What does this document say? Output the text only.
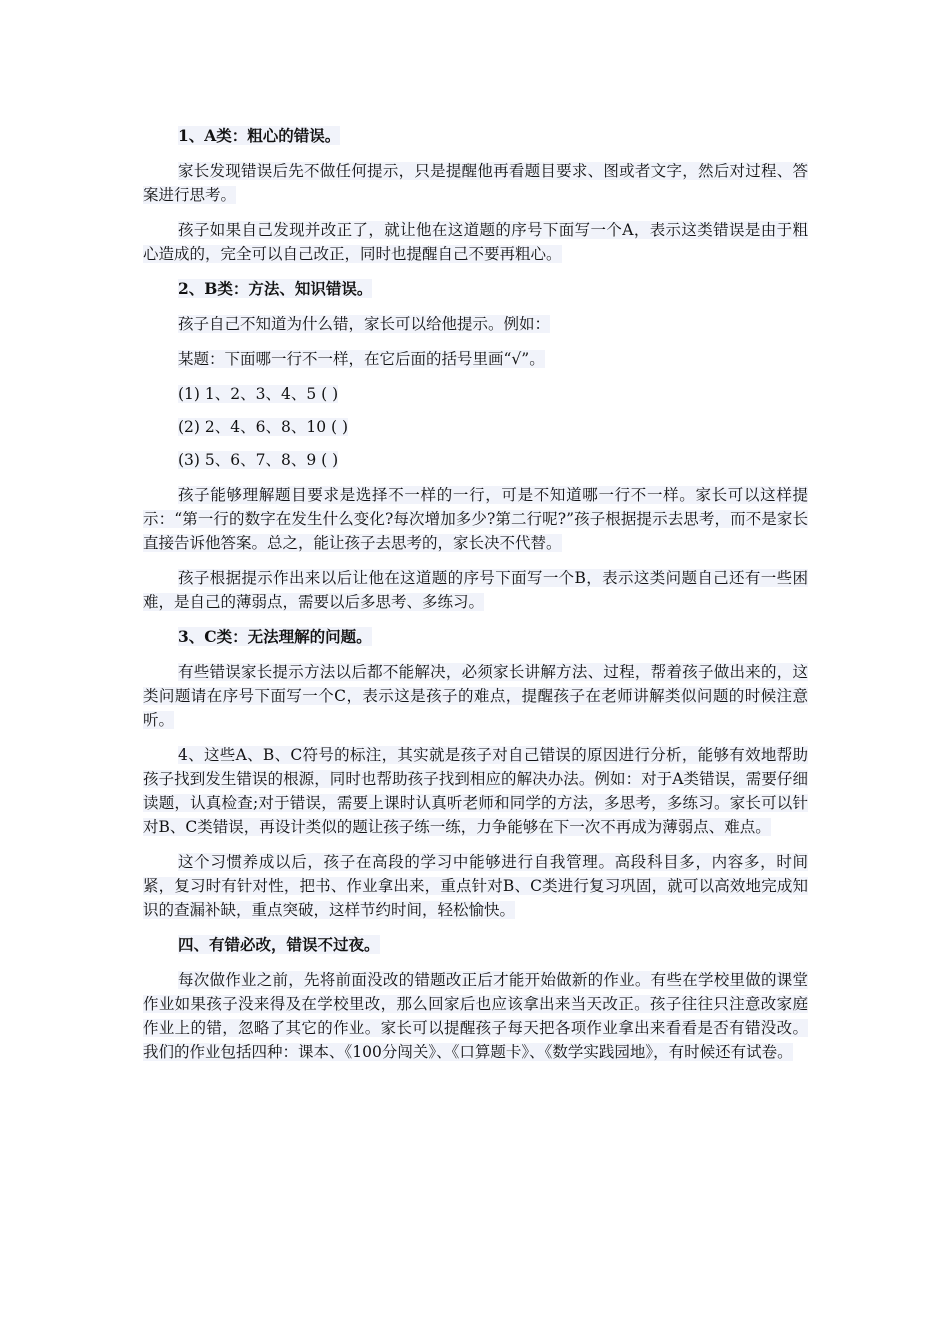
1、A类：粗心的错误。

家长发现错误后先不做任何提示，只是提醒他再看题目要求、图或者文字，然后对过程、答案进行思考。

孩子如果自己发现并改正了，就让他在这道题的序号下面写一个A，表示这类错误是由于粗心造成的，完全可以自己改正，同时也提醒自己不要再粗心。

2、B类：方法、知识错误。

孩子自己不知道为什么错，家长可以给他提示。例如：

某题：下面哪一行不一样，在它后面的括号里画“√”。

(1) 1、2、3、4、5 ( )

(2) 2、4、6、8、10 ( )

(3) 5、6、7、8、9 ( )

孩子能够理解题目要求是选择不一样的一行，可是不知道哪一行不一样。家长可以这样提示：“第一行的数字在发生什么变化?每次增加多少?第二行呢?”孩子根据提示去思考，而不是家长直接告诉他答案。总之，能让孩子去思考的，家长决不代替。

孩子根据提示作出来以后让他在这道题的序号下面写一个B，表示这类问题自己还有一些困难，是自己的薄弱点，需要以后多思考、多练习。

3、C类：无法理解的问题。

有些错误家长提示方法以后都不能解决，必须家长讲解方法、过程，帮着孩子做出来的，这类问题请在序号下面写一个C，表示这是孩子的难点，提醒孩子在老师讲解类似问题的时候注意听。

4、这些A、B、C符号的标注，其实就是孩子对自己错误的原因进行分析，能够有效地帮助孩子找到发生错误的根源，同时也帮助孩子找到相应的解决办法。例如：对于A类错误，需要仔细读题，认真检查;对于错误，需要上课时认真听老师和同学的方法，多思考，多练习。家长可以针对B、C类错误，再设计类似的题让孩子练一练，力争能够在下一次不再成为薄弱点、难点。

这个习惯养成以后，孩子在高段的学习中能够进行自我管理。高段科目多，内容多，时间紧，复习时有针对性，把书、作业拿出来，重点针对B、C类进行复习巩固，就可以高效地完成知识的查漏补缺，重点突破，这样节约时间，轻松愉快。

四、有错必改，错误不过夜。

每次做作业之前，先将前面没改的错题改正后才能开始做新的作业。有些在学校里做的课堂作业如果孩子没来得及在学校里改，那么回家后也应该拿出来当天改正。孩子往往只注意改家庭作业上的错，忽略了其它的作业。家长可以提醒孩子每天把各项作业拿出来看看是否有错没改。我们的作业包括四种：课本、《100分闯关》、《口算题卡》、《数学实践园地》，有时候还有试卷。
